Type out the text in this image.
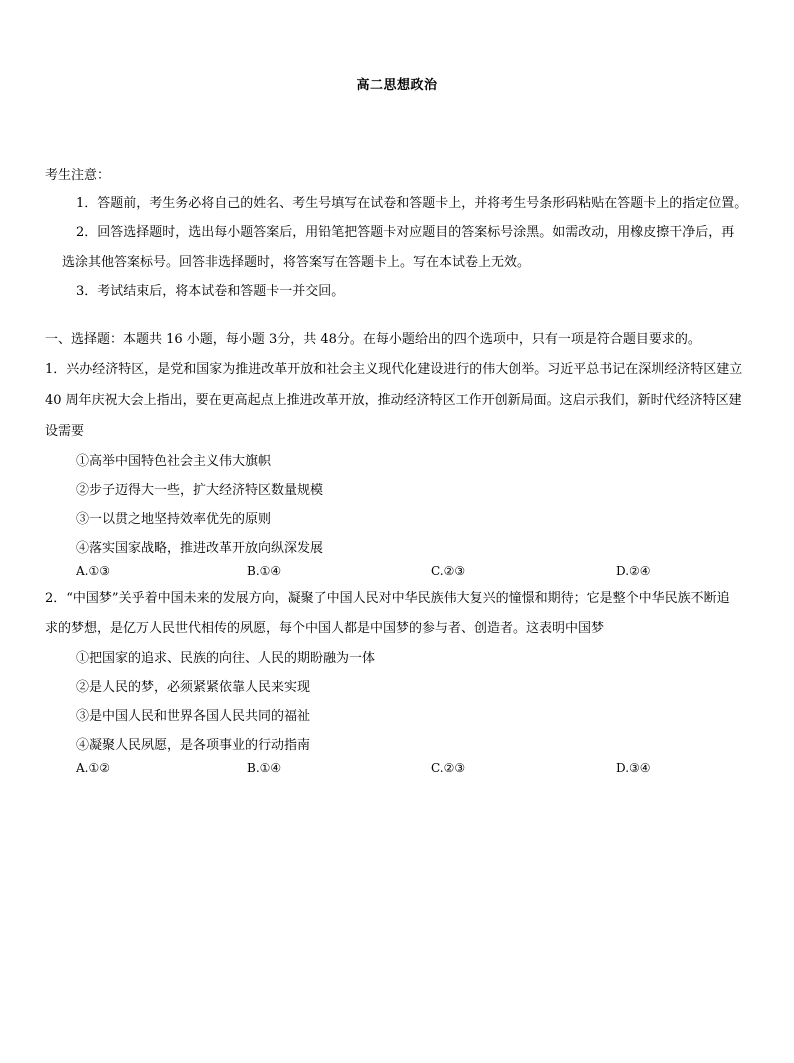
高二思想政治
考生注意：
1．答题前，考生务必将自己的姓名、考生号填写在试卷和答题卡上，并将考生号条形码粘贴在答题卡上的指定位置。
2．回答选择题时，选出每小题答案后，用铅笔把答题卡对应题目的答案标号涂黑。如需改动，用橡皮擦干净后，再
选涂其他答案标号。回答非选择题时，将答案写在答题卡上。写在本试卷上无效。
3．考试结束后，将本试卷和答题卡一并交回。
一、选择题：本题共 16 小题，每小题 3分，共 48分。在每小题给出的四个选项中，只有一项是符合题目要求的。
1．兴办经济特区，是党和国家为推进改革开放和社会主义现代化建设进行的伟大创举。习近平总书记在深圳经济特区建立
40 周年庆祝大会上指出，要在更高起点上推进改革开放，推动经济特区工作开创新局面。这启示我们，新时代经济特区建
设需要
①高举中国特色社会主义伟大旗帜
②步子迈得大一些，扩大经济特区数量规模
③一以贯之地坚持效率优先的原则
④落实国家战略，推进改革开放向纵深发展
A.①③	B.①④	C.②③	D.②④
2．“中国梦”关乎着中国未来的发展方向，凝聚了中国人民对中华民族伟大复兴的憧憬和期待；它是整个中华民族不断追
求的梦想，是亿万人民世代相传的夙愿，每个中国人都是中国梦的参与者、创造者。这表明中国梦
①把国家的追求、民族的向往、人民的期盼融为一体
②是人民的梦，必须紧紧依靠人民来实现
③是中国人民和世界各国人民共同的福祉
④凝聚人民夙愿，是各项事业的行动指南
A.①②	B.①④	C.②③	D.③④
